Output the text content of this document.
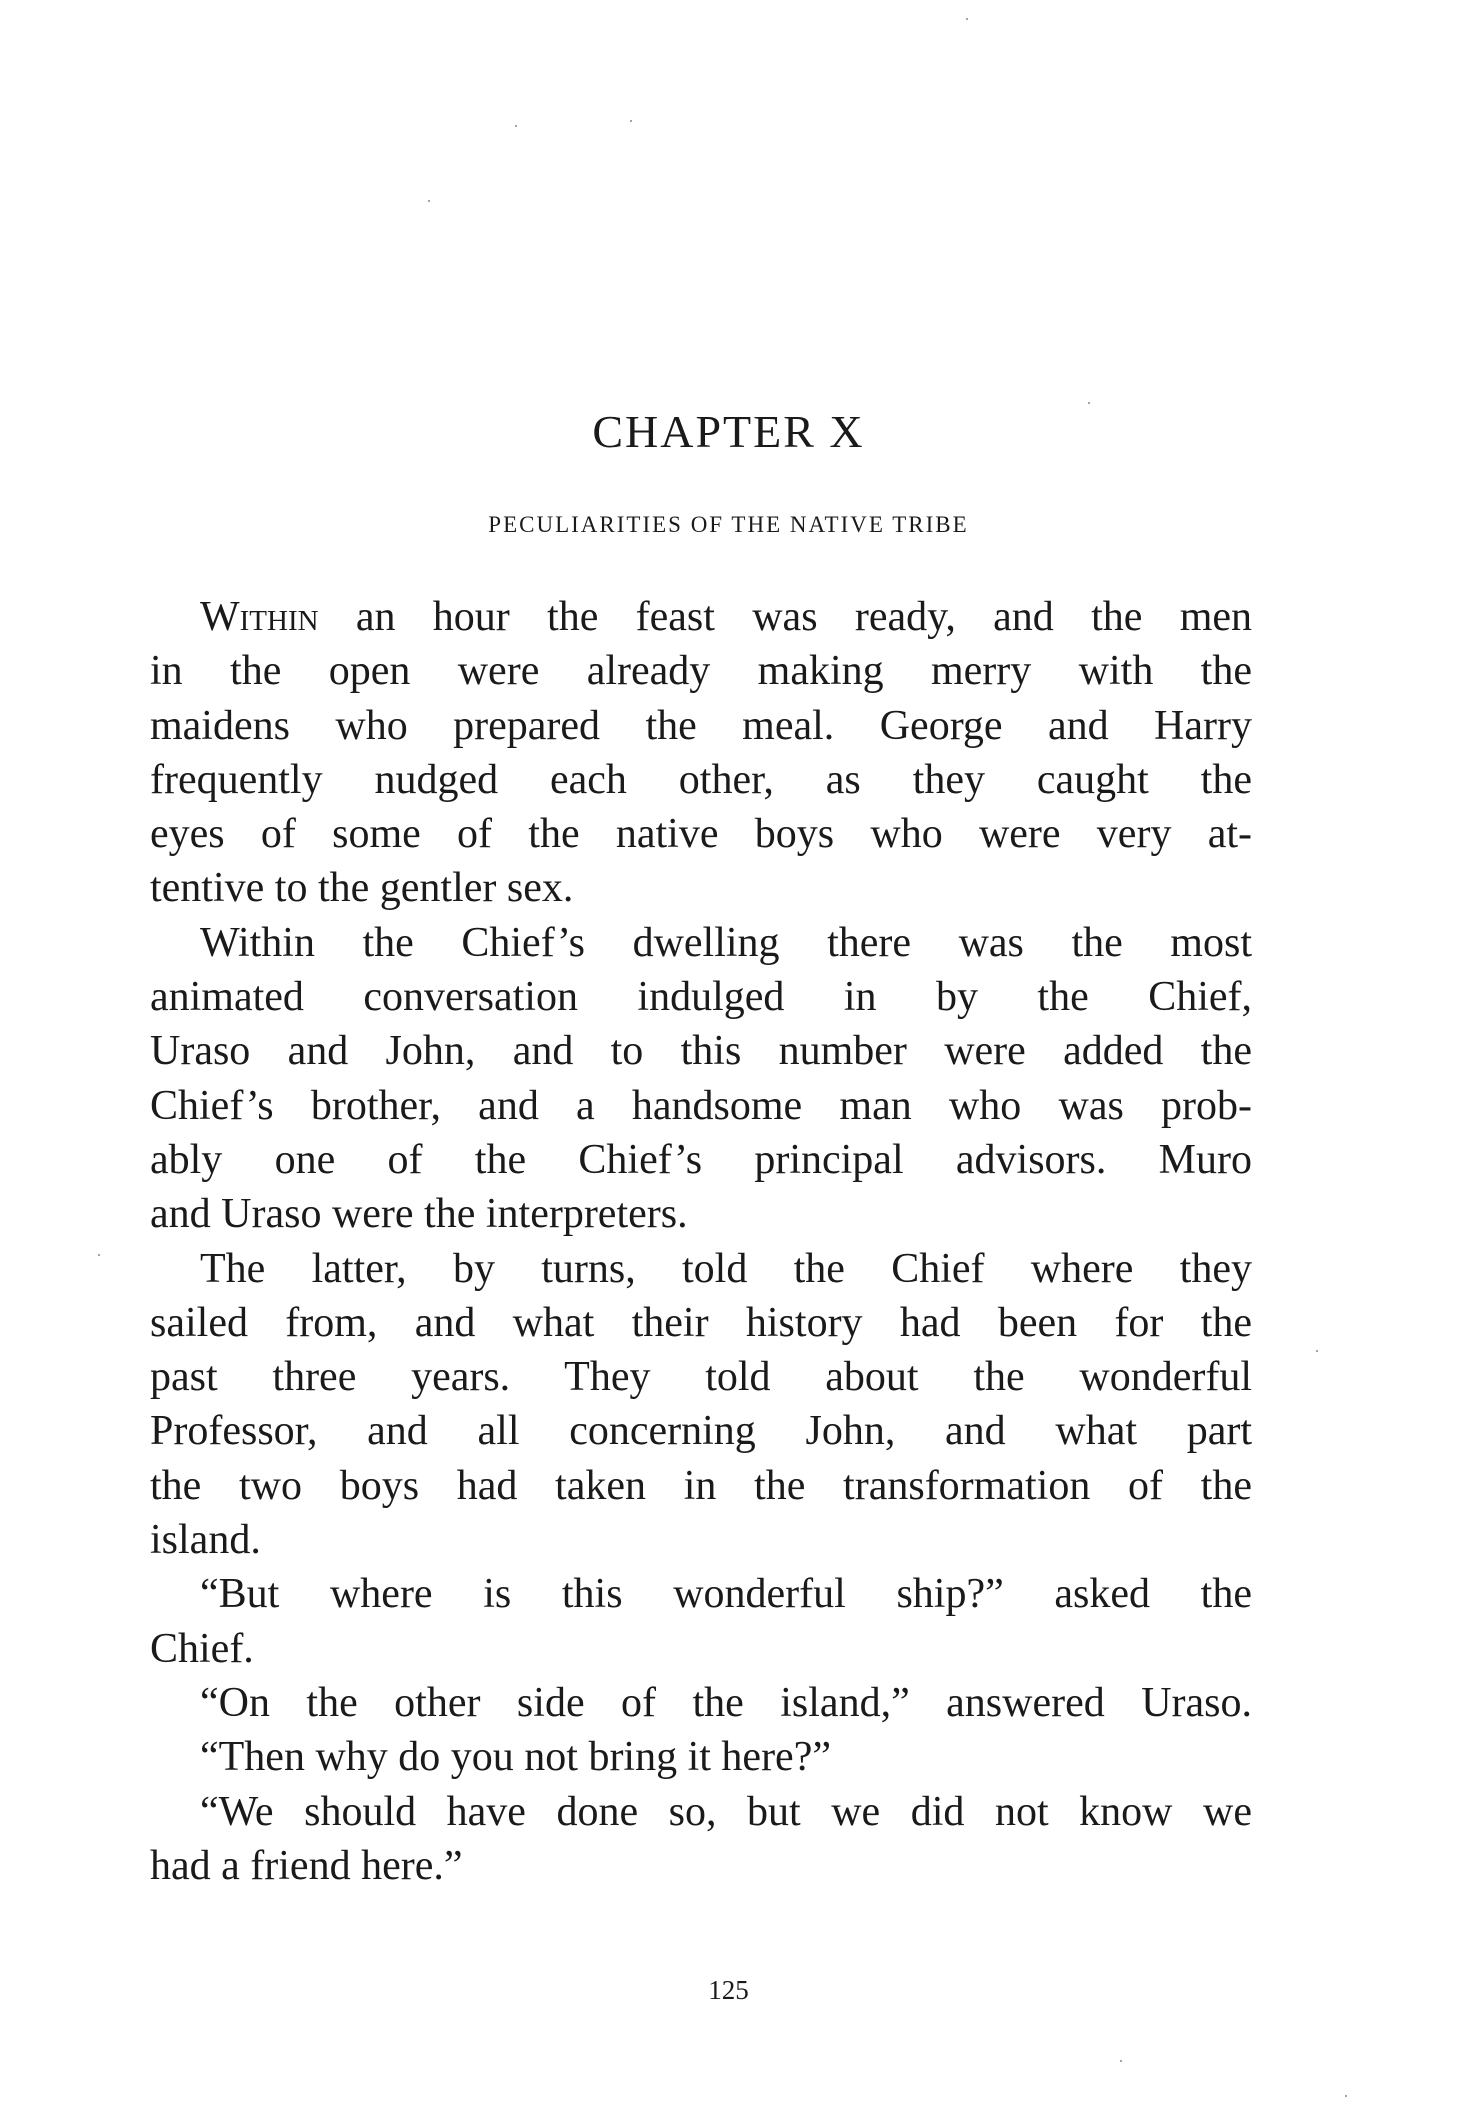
CHAPTER X
PECULIARITIES OF THE NATIVE TRIBE
Within an hour the feast was ready, and the men
in the open were already making merry with the
maidens who prepared the meal. George and Harry
frequently nudged each other, as they caught the
eyes of some of the native boys who were very at-
tentive to the gentler sex.
Within the Chief’s dwelling there was the most
animated conversation indulged in by the Chief,
Uraso and John, and to this number were added the
Chief’s brother, and a handsome man who was prob-
ably one of the Chief’s principal advisors. Muro
and Uraso were the interpreters.
The latter, by turns, told the Chief where they
sailed from, and what their history had been for the
past three years. They told about the wonderful
Professor, and all concerning John, and what part
the two boys had taken in the transformation of the
island.
“But where is this wonderful ship?” asked the
Chief.
“On the other side of the island,” answered Uraso.
“Then why do you not bring it here?”
“We should have done so, but we did not know we
had a friend here.”
125
